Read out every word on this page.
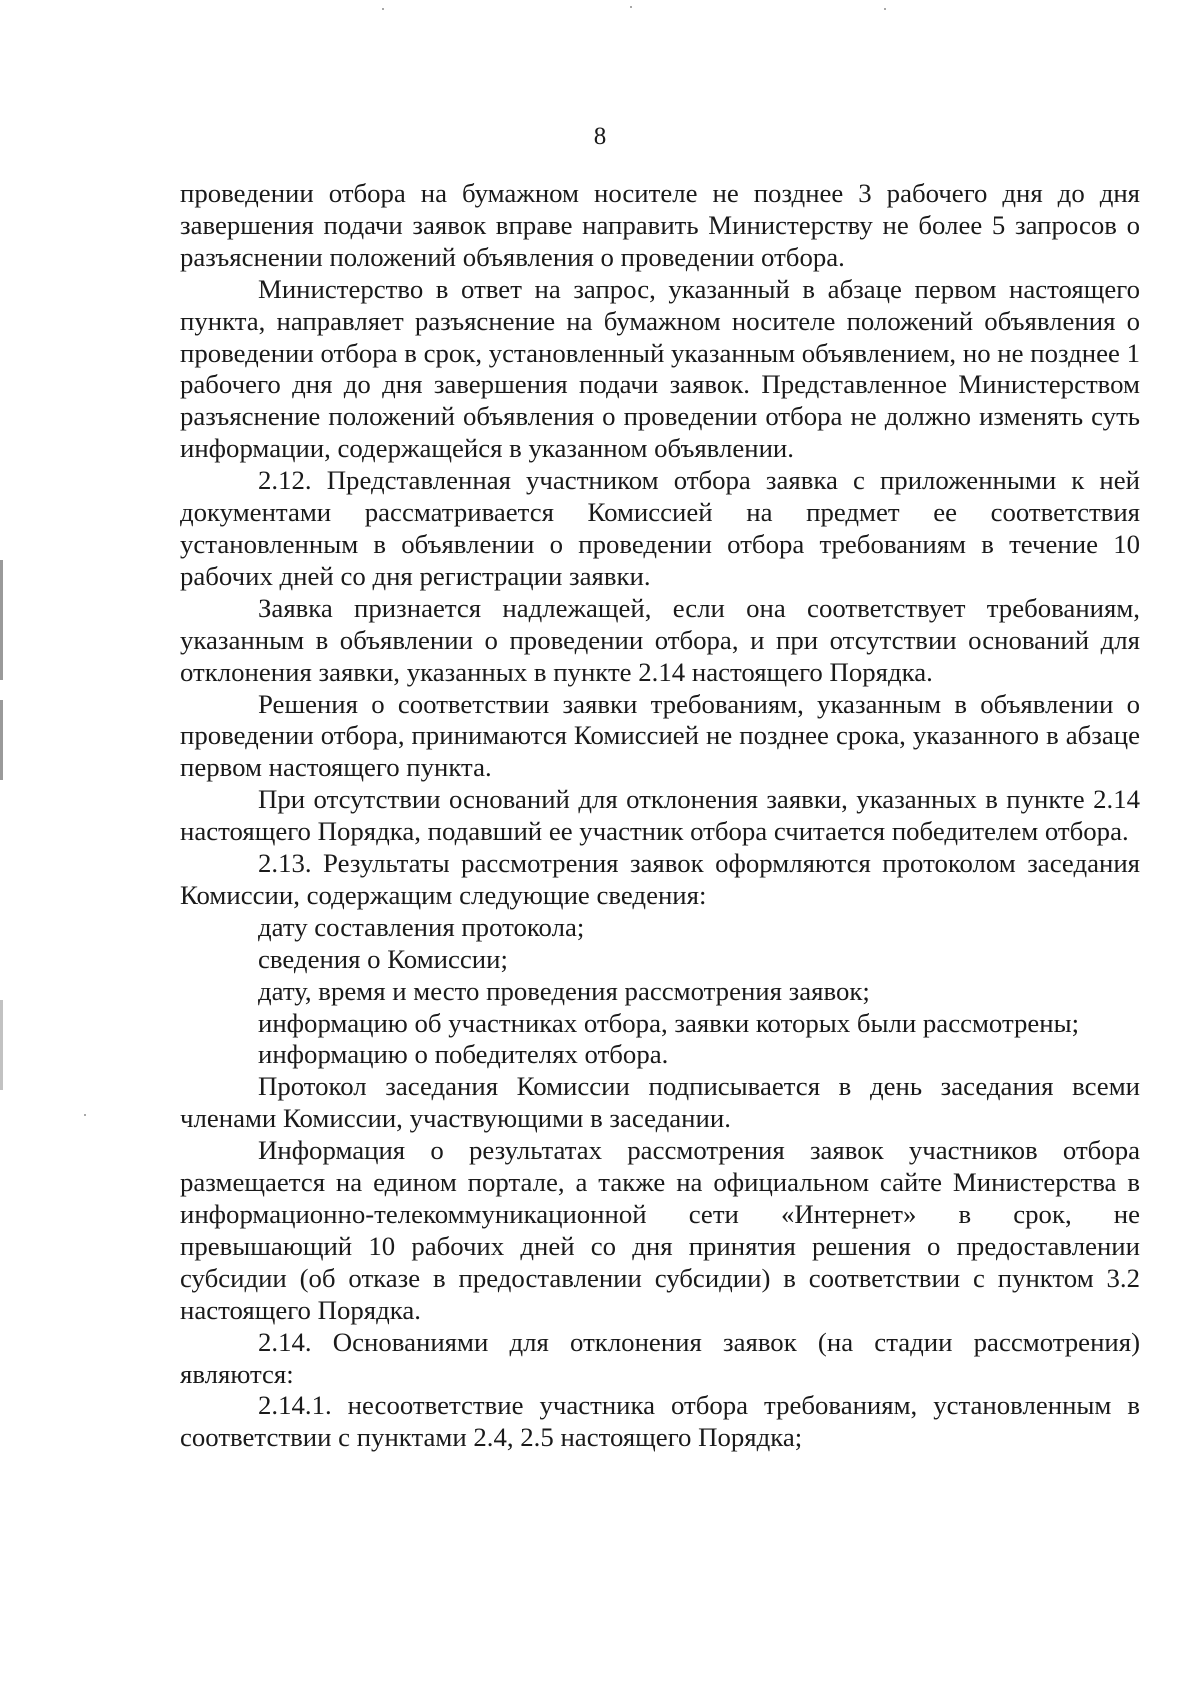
8

проведении отбора на бумажном носителе не позднее 3 рабочего дня до дня завершения подачи заявок вправе направить Министерству не более 5 запросов о разъяснении положений объявления о проведении отбора.

Министерство в ответ на запрос, указанный в абзаце первом настоящего пункта, направляет разъяснение на бумажном носителе положений объявления о проведении отбора в срок, установленный указанным объявлением, но не позднее 1 рабочего дня до дня завершения подачи заявок. Представленное Министерством разъяснение положений объявления о проведении отбора не должно изменять суть информации, содержащейся в указанном объявлении.

2.12. Представленная участником отбора заявка с приложенными к ней документами рассматривается Комиссией на предмет ее соответствия установленным в объявлении о проведении отбора требованиям в течение 10 рабочих дней со дня регистрации заявки.

Заявка признается надлежащей, если она соответствует требованиям, указанным в объявлении о проведении отбора, и при отсутствии оснований для отклонения заявки, указанных в пункте 2.14 настоящего Порядка.

Решения о соответствии заявки требованиям, указанным в объявлении о проведении отбора, принимаются Комиссией не позднее срока, указанного в абзаце первом настоящего пункта.

При отсутствии оснований для отклонения заявки, указанных в пункте 2.14 настоящего Порядка, подавший ее участник отбора считается победителем отбора.

2.13. Результаты рассмотрения заявок оформляются протоколом заседания Комиссии, содержащим следующие сведения:

дату составления протокола;

сведения о Комиссии;

дату, время и место проведения рассмотрения заявок;

информацию об участниках отбора, заявки которых были рассмотрены;

информацию о победителях отбора.

Протокол заседания Комиссии подписывается в день заседания всеми членами Комиссии, участвующими в заседании.

Информация о результатах рассмотрения заявок участников отбора размещается на едином портале, а также на официальном сайте Министерства в информационно-телекоммуникационной сети «Интернет» в срок, не превышающий 10 рабочих дней со дня принятия решения о предоставлении субсидии (об отказе в предоставлении субсидии) в соответствии с пунктом 3.2 настоящего Порядка.

2.14. Основаниями для отклонения заявок (на стадии рассмотрения) являются:

2.14.1. несоответствие участника отбора требованиям, установленным в соответствии с пунктами 2.4, 2.5 настоящего Порядка;
